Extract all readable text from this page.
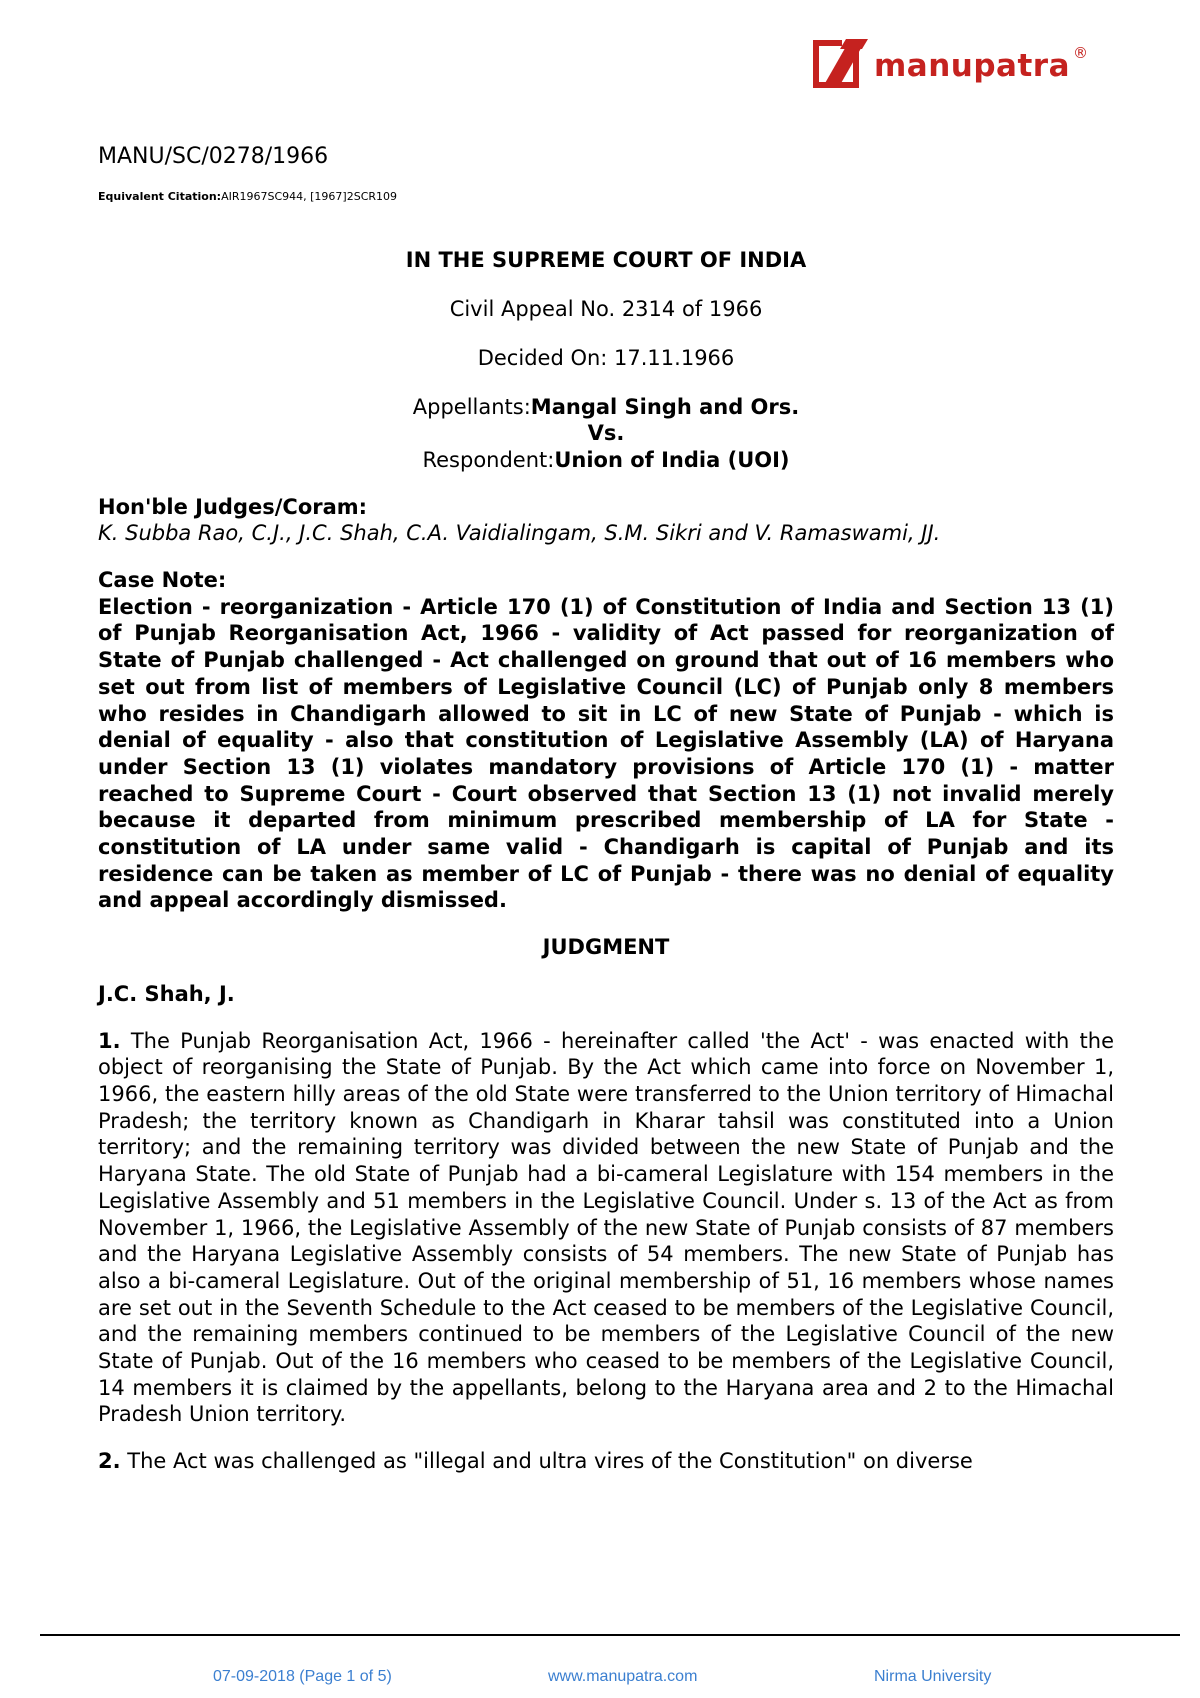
manupatra ®

MANU/SC/0278/1966

Equivalent Citation:AIR1967SC944, [1967]2SCR109

IN THE SUPREME COURT OF INDIA

Civil Appeal No. 2314 of 1966

Decided On: 17.11.1966

Appellants:Mangal Singh and Ors.
Vs.
Respondent:Union of India (UOI)

Hon'ble Judges/Coram:

K. Subba Rao, C.J., J.C. Shah, C.A. Vaidialingam, S.M. Sikri and V. Ramaswami, JJ.

Case Note:

Election - reorganization - Article 170 (1) of Constitution of India and Section 13 (1) of Punjab Reorganisation Act, 1966 - validity of Act passed for reorganization of State of Punjab challenged - Act challenged on ground that out of 16 members who set out from list of members of Legislative Council (LC) of Punjab only 8 members who resides in Chandigarh allowed to sit in LC of new State of Punjab - which is denial of equality - also that constitution of Legislative Assembly (LA) of Haryana under Section 13 (1) violates mandatory provisions of Article 170 (1) - matter reached to Supreme Court - Court observed that Section 13 (1) not invalid merely because it departed from minimum prescribed membership of LA for State - constitution of LA under same valid - Chandigarh is capital of Punjab and its residence can be taken as member of LC of Punjab - there was no denial of equality and appeal accordingly dismissed.

JUDGMENT

J.C. Shah, J.

1. The Punjab Reorganisation Act, 1966 - hereinafter called 'the Act' - was enacted with the object of reorganising the State of Punjab. By the Act which came into force on November 1, 1966, the eastern hilly areas of the old State were transferred to the Union territory of Himachal Pradesh; the territory known as Chandigarh in Kharar tahsil was constituted into a Union territory; and the remaining territory was divided between the new State of Punjab and the Haryana State. The old State of Punjab had a bi-cameral Legislature with 154 members in the Legislative Assembly and 51 members in the Legislative Council. Under s. 13 of the Act as from November 1, 1966, the Legislative Assembly of the new State of Punjab consists of 87 members and the Haryana Legislative Assembly consists of 54 members. The new State of Punjab has also a bi-cameral Legislature. Out of the original membership of 51, 16 members whose names are set out in the Seventh Schedule to the Act ceased to be members of the Legislative Council, and the remaining members continued to be members of the Legislative Council of the new State of Punjab. Out of the 16 members who ceased to be members of the Legislative Council, 14 members it is claimed by the appellants, belong to the Haryana area and 2 to the Himachal Pradesh Union territory.

2. The Act was challenged as "illegal and ultra vires of the Constitution" on diverse

07-09-2018 (Page 1 of 5)	www.manupatra.com	Nirma University
